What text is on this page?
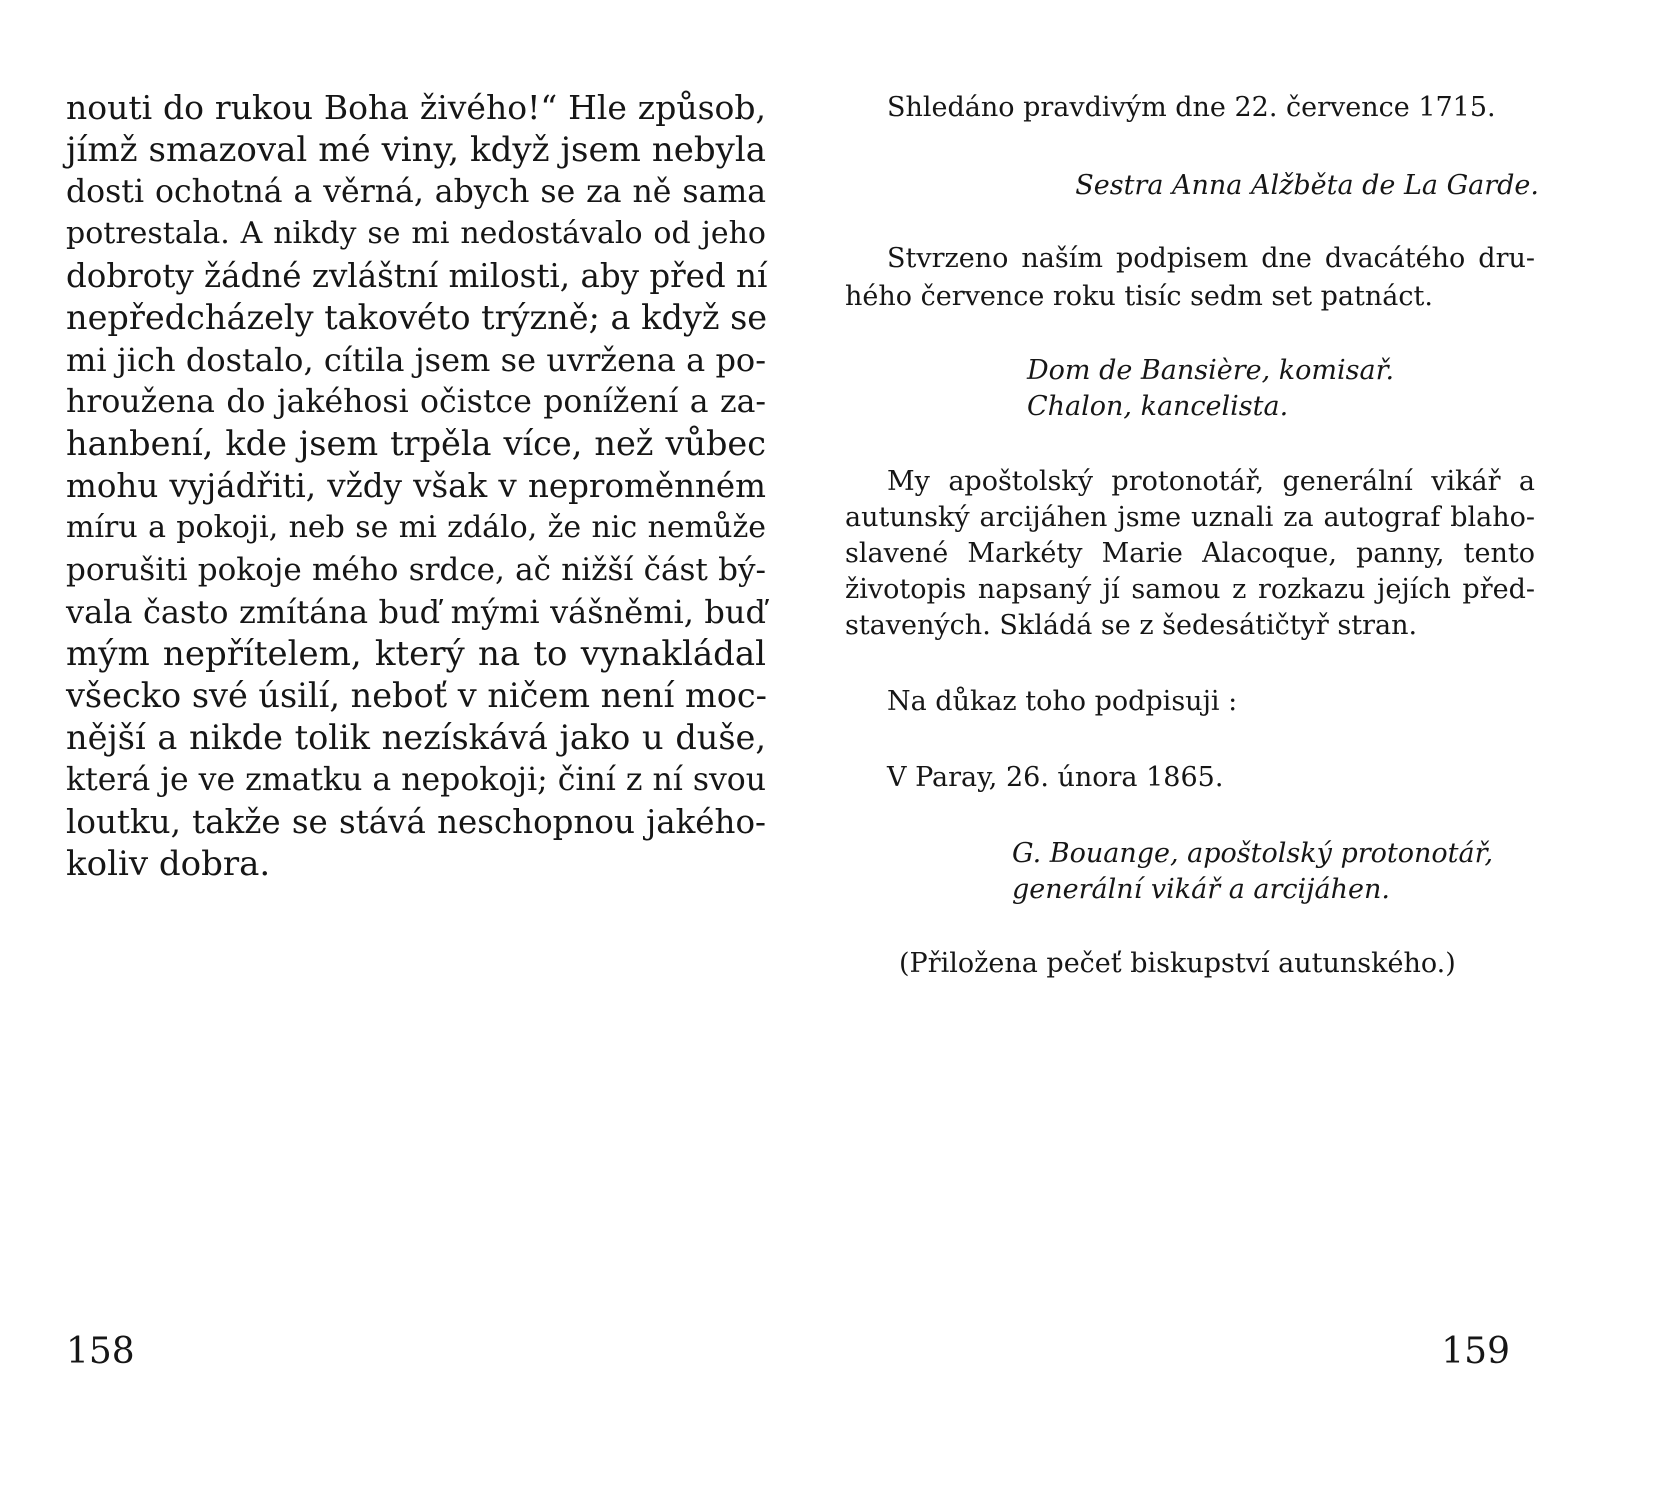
nouti do rukou Boha živého!“ Hle způsob,
jímž smazoval mé viny, když jsem nebyla
dosti ochotná a věrná, abych se za ně sama
potrestala. A nikdy se mi nedostávalo od jeho
dobroty žádné zvláštní milosti, aby před ní
nepředcházely takovéto trýzně; a když se
mi jich dostalo, cítila jsem se uvržena a po-
hroužena do jakéhosi očistce ponížení a za-
hanbení, kde jsem trpěla více, než vůbec
mohu vyjádřiti, vždy však v neproměnném
míru a pokoji, neb se mi zdálo, že nic nemůže
porušiti pokoje mého srdce, ač nižší část bý-
vala často zmítána buď mými vášněmi, buď
mým nepřítelem, který na to vynakládal
všecko své úsilí, neboť v ničem není moc-
nější a nikde tolik nezískává jako u duše,
která je ve zmatku a nepokoji; činí z ní svou
loutku, takže se stává neschopnou jakého-
koliv dobra.
158
Shledáno pravdivým dne 22. července 1715.
Sestra Anna Alžběta de La Garde.
Stvrzeno naším podpisem dne dvacátého dru-
hého července roku tisíc sedm set patnáct.
Dom de Bansière, komisař.
Chalon, kancelista.
My apoštolský protonotář, generální vikář a
autunský arcijáhen jsme uznali za autograf blaho-
slavené Markéty Marie Alacoque, panny, tento
životopis napsaný jí samou z rozkazu jejích před-
stavených. Skládá se z šedesátičtyř stran.
Na důkaz toho podpisuji :
V Paray, 26. února 1865.
G. Bouange, apoštolský protonotář,
generální vikář a arcijáhen.
(Přiložena pečeť biskupství autunského.)
159
